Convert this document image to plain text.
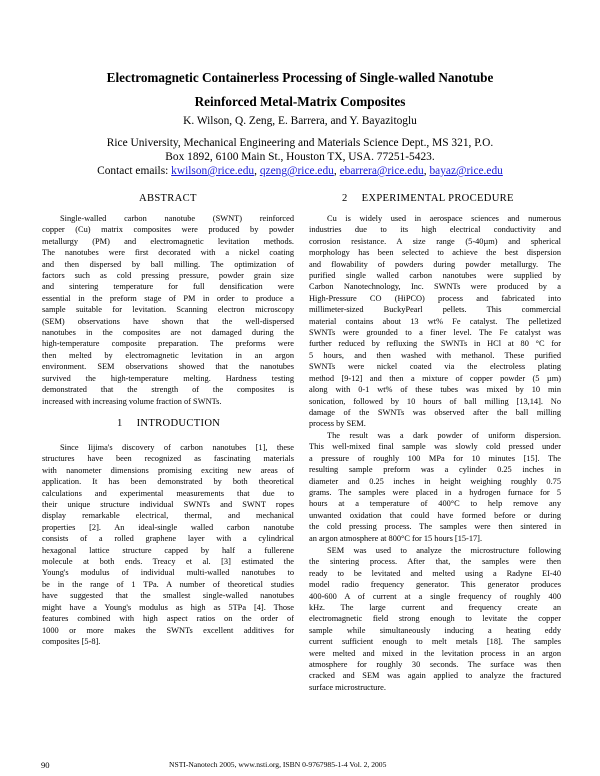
Electromagnetic Containerless Processing of Single-walled Nanotube
Reinforced Metal-Matrix Composites
K. Wilson, Q. Zeng, E. Barrera, and Y. Bayazitoglu
Rice University, Mechanical Engineering and Materials Science Dept., MS 321, P.O.
Box 1892, 6100 Main St., Houston TX, USA. 77251-5423.
Contact emails: kwilson@rice.edu, qzeng@rice.edu, ebarrera@rice.edu, bayaz@rice.edu
ABSTRACT
Single-walled carbon nanotube (SWNT) reinforced
copper (Cu) matrix composites were produced by powder
metallurgy (PM) and electromagnetic levitation methods.
The nanotubes were first decorated with a nickel coating
and then dispersed by ball milling. The optimization of
factors such as cold pressing pressure, powder grain size
and sintering temperature for full densification were
essential in the preform stage of PM in order to produce a
sample suitable for levitation. Scanning electron microscopy
(SEM) observations have shown that the well-dispersed
nanotubes in the composites are not damaged during the
high-temperature composite preparation. The preforms were
then melted by electromagnetic levitation in an argon
environment. SEM observations showed that the nanotubes
survived the high-temperature melting. Hardness testing
demonstrated that the strength of the composites is
increased with increasing volume fraction of SWNTs.
1 INTRODUCTION
Since Iijima's discovery of carbon nanotubes [1], these
structures have been recognized as fascinating materials
with nanometer dimensions promising exciting new areas of
application. It has been demonstrated by both theoretical
calculations and experimental measurements that due to
their unique structure individual SWNTs and SWNT ropes
display remarkable electrical, thermal, and mechanical
properties [2]. An ideal-single walled carbon nanotube
consists of a rolled graphene layer with a cylindrical
hexagonal lattice structure capped by half a fullerene
molecule at both ends. Treacy et al. [3] estimated the
Young's modulus of individual multi-walled nanotubes to
be in the range of 1 TPa. A number of theoretical studies
have suggested that the smallest single-walled nanotubes
might have a Young's modulus as high as 5TPa [4]. Those
features combined with high aspect ratios on the order of
1000 or more makes the SWNTs excellent additives for
composites [5-8].
2 EXPERIMENTAL PROCEDURE
Cu is widely used in aerospace sciences and numerous
industries due to its high electrical conductivity and
corrosion resistance. A size range (5-40µm) and spherical
morphology has been selected to achieve the best dispersion
and flowability of powders during powder metallurgy. The
purified single walled carbon nanotubes were supplied by
Carbon Nanotechnology, Inc. SWNTs were produced by a
High-Pressure CO (HiPCO) process and fabricated into
millimeter-sized BuckyPearl pellets. This commercial
material contains about 13 wt% Fe catalyst. The pelletized
SWNTs were grounded to a finer level. The Fe catalyst was
further reduced by refluxing the SWNTs in HCl at 80 °C for
5 hours, and then washed with methanol. These purified
SWNTs were nickel coated via the electroless plating
method [9-12] and then a mixture of copper powder (5 µm)
along with 0-1 wt% of these tubes was mixed by 10 min
sonication, followed by 10 hours of ball milling [13,14]. No
damage of the SWNTs was observed after the ball milling
process by SEM.
The result was a dark powder of uniform dispersion.
This well-mixed final sample was slowly cold pressed under
a pressure of roughly 100 MPa for 10 minutes [15]. The
resulting sample preform was a cylinder 0.25 inches in
diameter and 0.25 inches in height weighing roughly 0.75
grams. The samples were placed in a hydrogen furnace for 5
hours at a temperature of 400°C to help remove any
unwanted oxidation that could have formed before or during
the cold pressing process. The samples were then sintered in
an argon atmosphere at 800°C for 15 hours [15-17].
SEM was used to analyze the microstructure following
the sintering process. After that, the samples were then
ready to be levitated and melted using a Radyne EI-40
model radio frequency generator. This generator produces
400-600 A of current at a single frequency of roughly 400
kHz. The large current and frequency create an
electromagnetic field strong enough to levitate the copper
sample while simultaneously inducing a heating eddy
current sufficient enough to melt metals [18]. The samples
were melted and mixed in the levitation process in an argon
atmosphere for roughly 30 seconds. The surface was then
cracked and SEM was again applied to analyze the fractured
surface microstructure.
90	NSTI-Nanotech 2005, www.nsti.org, ISBN 0-9767985-1-4 Vol. 2, 2005
